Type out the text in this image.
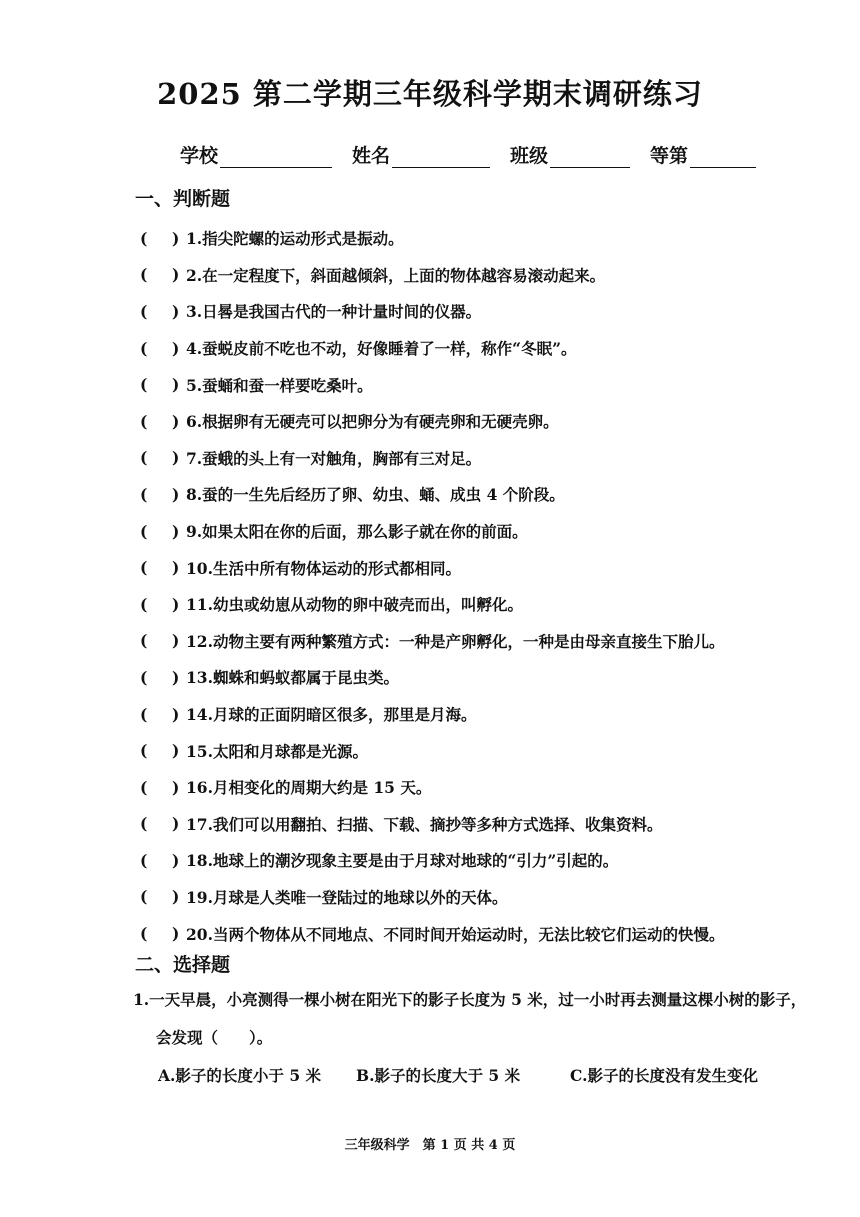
2025 第二学期三年级科学期末调研练习
学校	姓名	班级	等第
一、判断题
(	) 1.指尖陀螺的运动形式是振动。
(	) 2.在一定程度下，斜面越倾斜，上面的物体越容易滚动起来。
(	) 3.日晷是我国古代的一种计量时间的仪器。
(	) 4.蚕蜕皮前不吃也不动，好像睡着了一样，称作“冬眠”。
(	) 5.蚕蛹和蚕一样要吃桑叶。
(	) 6.根据卵有无硬壳可以把卵分为有硬壳卵和无硬壳卵。
(	) 7.蚕蛾的头上有一对触角，胸部有三对足。
(	) 8.蚕的一生先后经历了卵、幼虫、蛹、成虫 4 个阶段。
(	) 9.如果太阳在你的后面，那么影子就在你的前面。
(	) 10.生活中所有物体运动的形式都相同。
(	) 11.幼虫或幼崽从动物的卵中破壳而出，叫孵化。
(	) 12.动物主要有两种繁殖方式：一种是产卵孵化，一种是由母亲直接生下胎儿。
(	) 13.蜘蛛和蚂蚁都属于昆虫类。
(	) 14.月球的正面阴暗区很多，那里是月海。
(	) 15.太阳和月球都是光源。
(	) 16.月相变化的周期大约是 15 天。
(	) 17.我们可以用翻拍、扫描、下载、摘抄等多种方式选择、收集资料。
(	) 18.地球上的潮汐现象主要是由于月球对地球的“引力”引起的。
(	) 19.月球是人类唯一登陆过的地球以外的天体。
(	) 20.当两个物体从不同地点、不同时间开始运动时，无法比较它们运动的快慢。
二、选择题
1.一天早晨，小亮测得一棵小树在阳光下的影子长度为 5 米，过一小时再去测量这棵小树的影子，
会发现（　　）。
A.影子的长度小于 5 米 B.影子的长度大于 5 米	C.影子的长度没有发生变化
三年级科学　第 1 页 共 4 页
